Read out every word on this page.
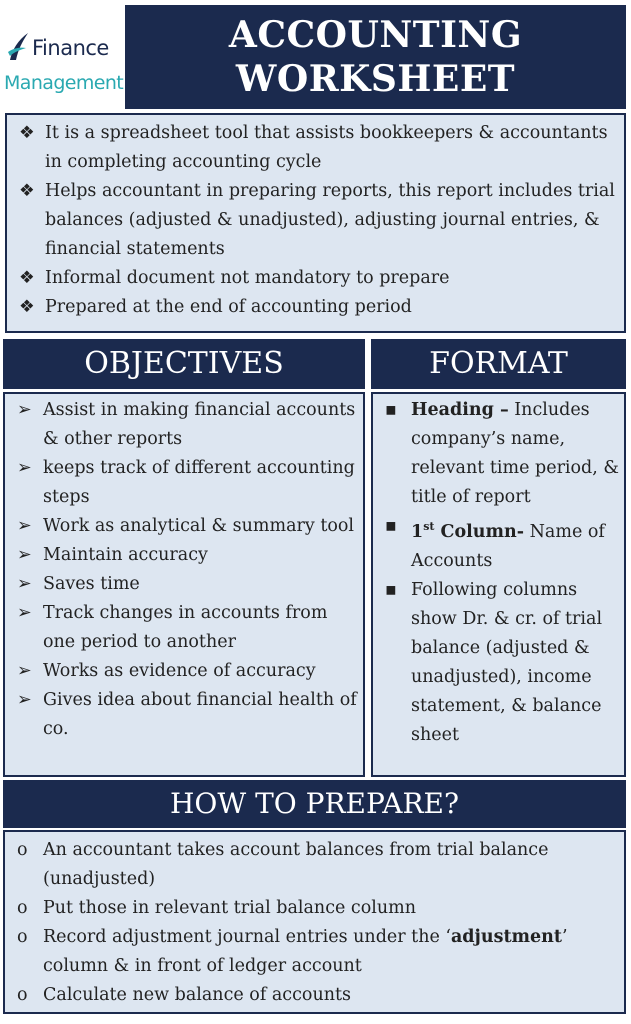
Finance
Management
ACCOUNTING
WORKSHEET
❖ It is a spreadsheet tool that assists bookkeepers & accountants in completing accounting cycle
❖ Helps accountant in preparing reports, this report includes trial balances (adjusted & unadjusted), adjusting journal entries, & financial statements
❖ Informal document not mandatory to prepare
❖ Prepared at the end of accounting period
OBJECTIVES
➢ Assist in making financial accounts & other reports
➢ keeps track of different accounting steps
➢ Work as analytical & summary tool
➢ Maintain accuracy
➢ Saves time
➢ Track changes in accounts from one period to another
➢ Works as evidence of accuracy
➢ Gives idea about financial health of co.
FORMAT
▪ Heading – Includes company’s name, relevant time period, & title of report
▪ 1st Column- Name of Accounts
▪ Following columns show Dr. & cr. of trial balance (adjusted & unadjusted), income statement, & balance sheet
HOW TO PREPARE?
o An accountant takes account balances from trial balance (unadjusted)
o Put those in relevant trial balance column
o Record adjustment journal entries under the ‘adjustment’ column & in front of ledger account
o Calculate new balance of accounts
